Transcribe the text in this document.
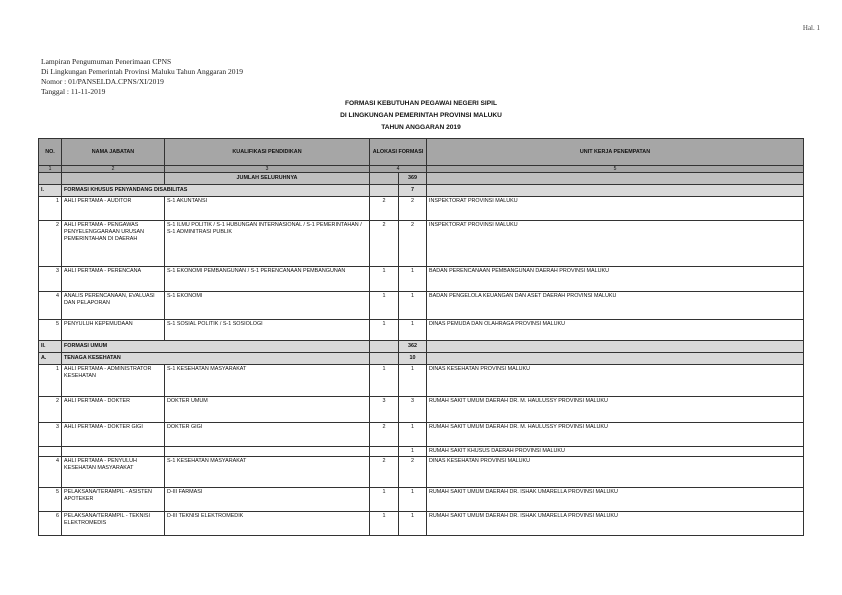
Hal. 1
Lampiran Pengumuman Penerimaan CPNS
Di Lingkungan Pemerintah Provinsi Maluku Tahun Anggaran 2019
Nomor : 01/PANSELDA.CPNS/XI/2019
Tanggal : 11-11-2019
FORMASI KEBUTUHAN PEGAWAI NEGERI SIPIL
DI LINGKUNGAN PEMERINTAH PROVINSI MALUKU
TAHUN ANGGARAN 2019
NO.	NAMA JABATAN	KUALIFIKASI PENDIDIKAN	ALOKASI FORMASI		UNIT KERJA PENEMPATAN
1	2	3	4		5
		JUMLAH SELURUHNYA		369	
I.	FORMASI KHUSUS PENYANDANG DISABILITAS			7	
1	AHLI PERTAMA - AUDITOR	S-1 AKUNTANSI	2	2	INSPEKTORAT PROVINSI MALUKU
2	AHLI PERTAMA - PENGAWAS PENYELENGGARAAN URUSAN PEMERINTAHAN DI DAERAH	S-1 ILMU POLITIK / S-1 HUBUNGAN INTERNASIONAL / S-1 PEMERINTAHAN / S-1 ADMINITRASI PUBLIK	2	2	INSPEKTORAT PROVINSI MALUKU
3	AHLI PERTAMA - PERENCANA	S-1 EKONOMI PEMBANGUNAN / S-1 PERENCANAAN PEMBANGUNAN	1	1	BADAN PERENCANAAN PEMBANGUNAN DAERAH PROVINSI MALUKU
4	ANALIS PERENCANAAN, EVALUASI DAN PELAPORAN	S-1 EKONOMI	1	1	BADAN PENGELOLA KEUANGAN DAN ASET DAERAH PROVINSI MALUKU
5	PENYULUH KEPEMUDAAN	S-1 SOSIAL POLITIK / S-1 SOSIOLOGI	1	1	DINAS PEMUDA DAN OLAHRAGA PROVINSI MALUKU
II.	FORMASI UMUM			362	
A.	TENAGA KESEHATAN			10	
1	AHLI PERTAMA - ADMINISTRATOR KESEHATAN	S-1 KESEHATAN MASYARAKAT	1	1	DINAS KESEHATAN PROVINSI MALUKU
2	AHLI PERTAMA - DOKTER	DOKTER UMUM	3	3	RUMAH SAKIT UMUM DAERAH DR. M. HAULUSSY PROVINSI MALUKU
3	AHLI PERTAMA - DOKTER GIGI	DOKTER GIGI	2	1	RUMAH SAKIT UMUM DAERAH DR. M. HAULUSSY PROVINSI MALUKU
				1	RUMAH SAKIT KHUSUS DAERAH PROVINSI MALUKU
4	AHLI PERTAMA - PENYULUH KESEHATAN MASYARAKAT	S-1 KESEHATAN MASYARAKAT	2	2	DINAS KESEHATAN PROVINSI MALUKU
5	PELAKSANA/TERAMPIL - ASISTEN APOTEKER	D-III FARMASI	1	1	RUMAH SAKIT UMUM DAERAH DR. ISHAK UMARELLA PROVINSI MALUKU
6	PELAKSANA/TERAMPIL - TEKNISI ELEKTROMEDIS	D-III TEKNISI ELEKTROMEDIK	1	1	RUMAH SAKIT UMUM DAERAH DR. ISHAK UMARELLA PROVINSI MALUKU
